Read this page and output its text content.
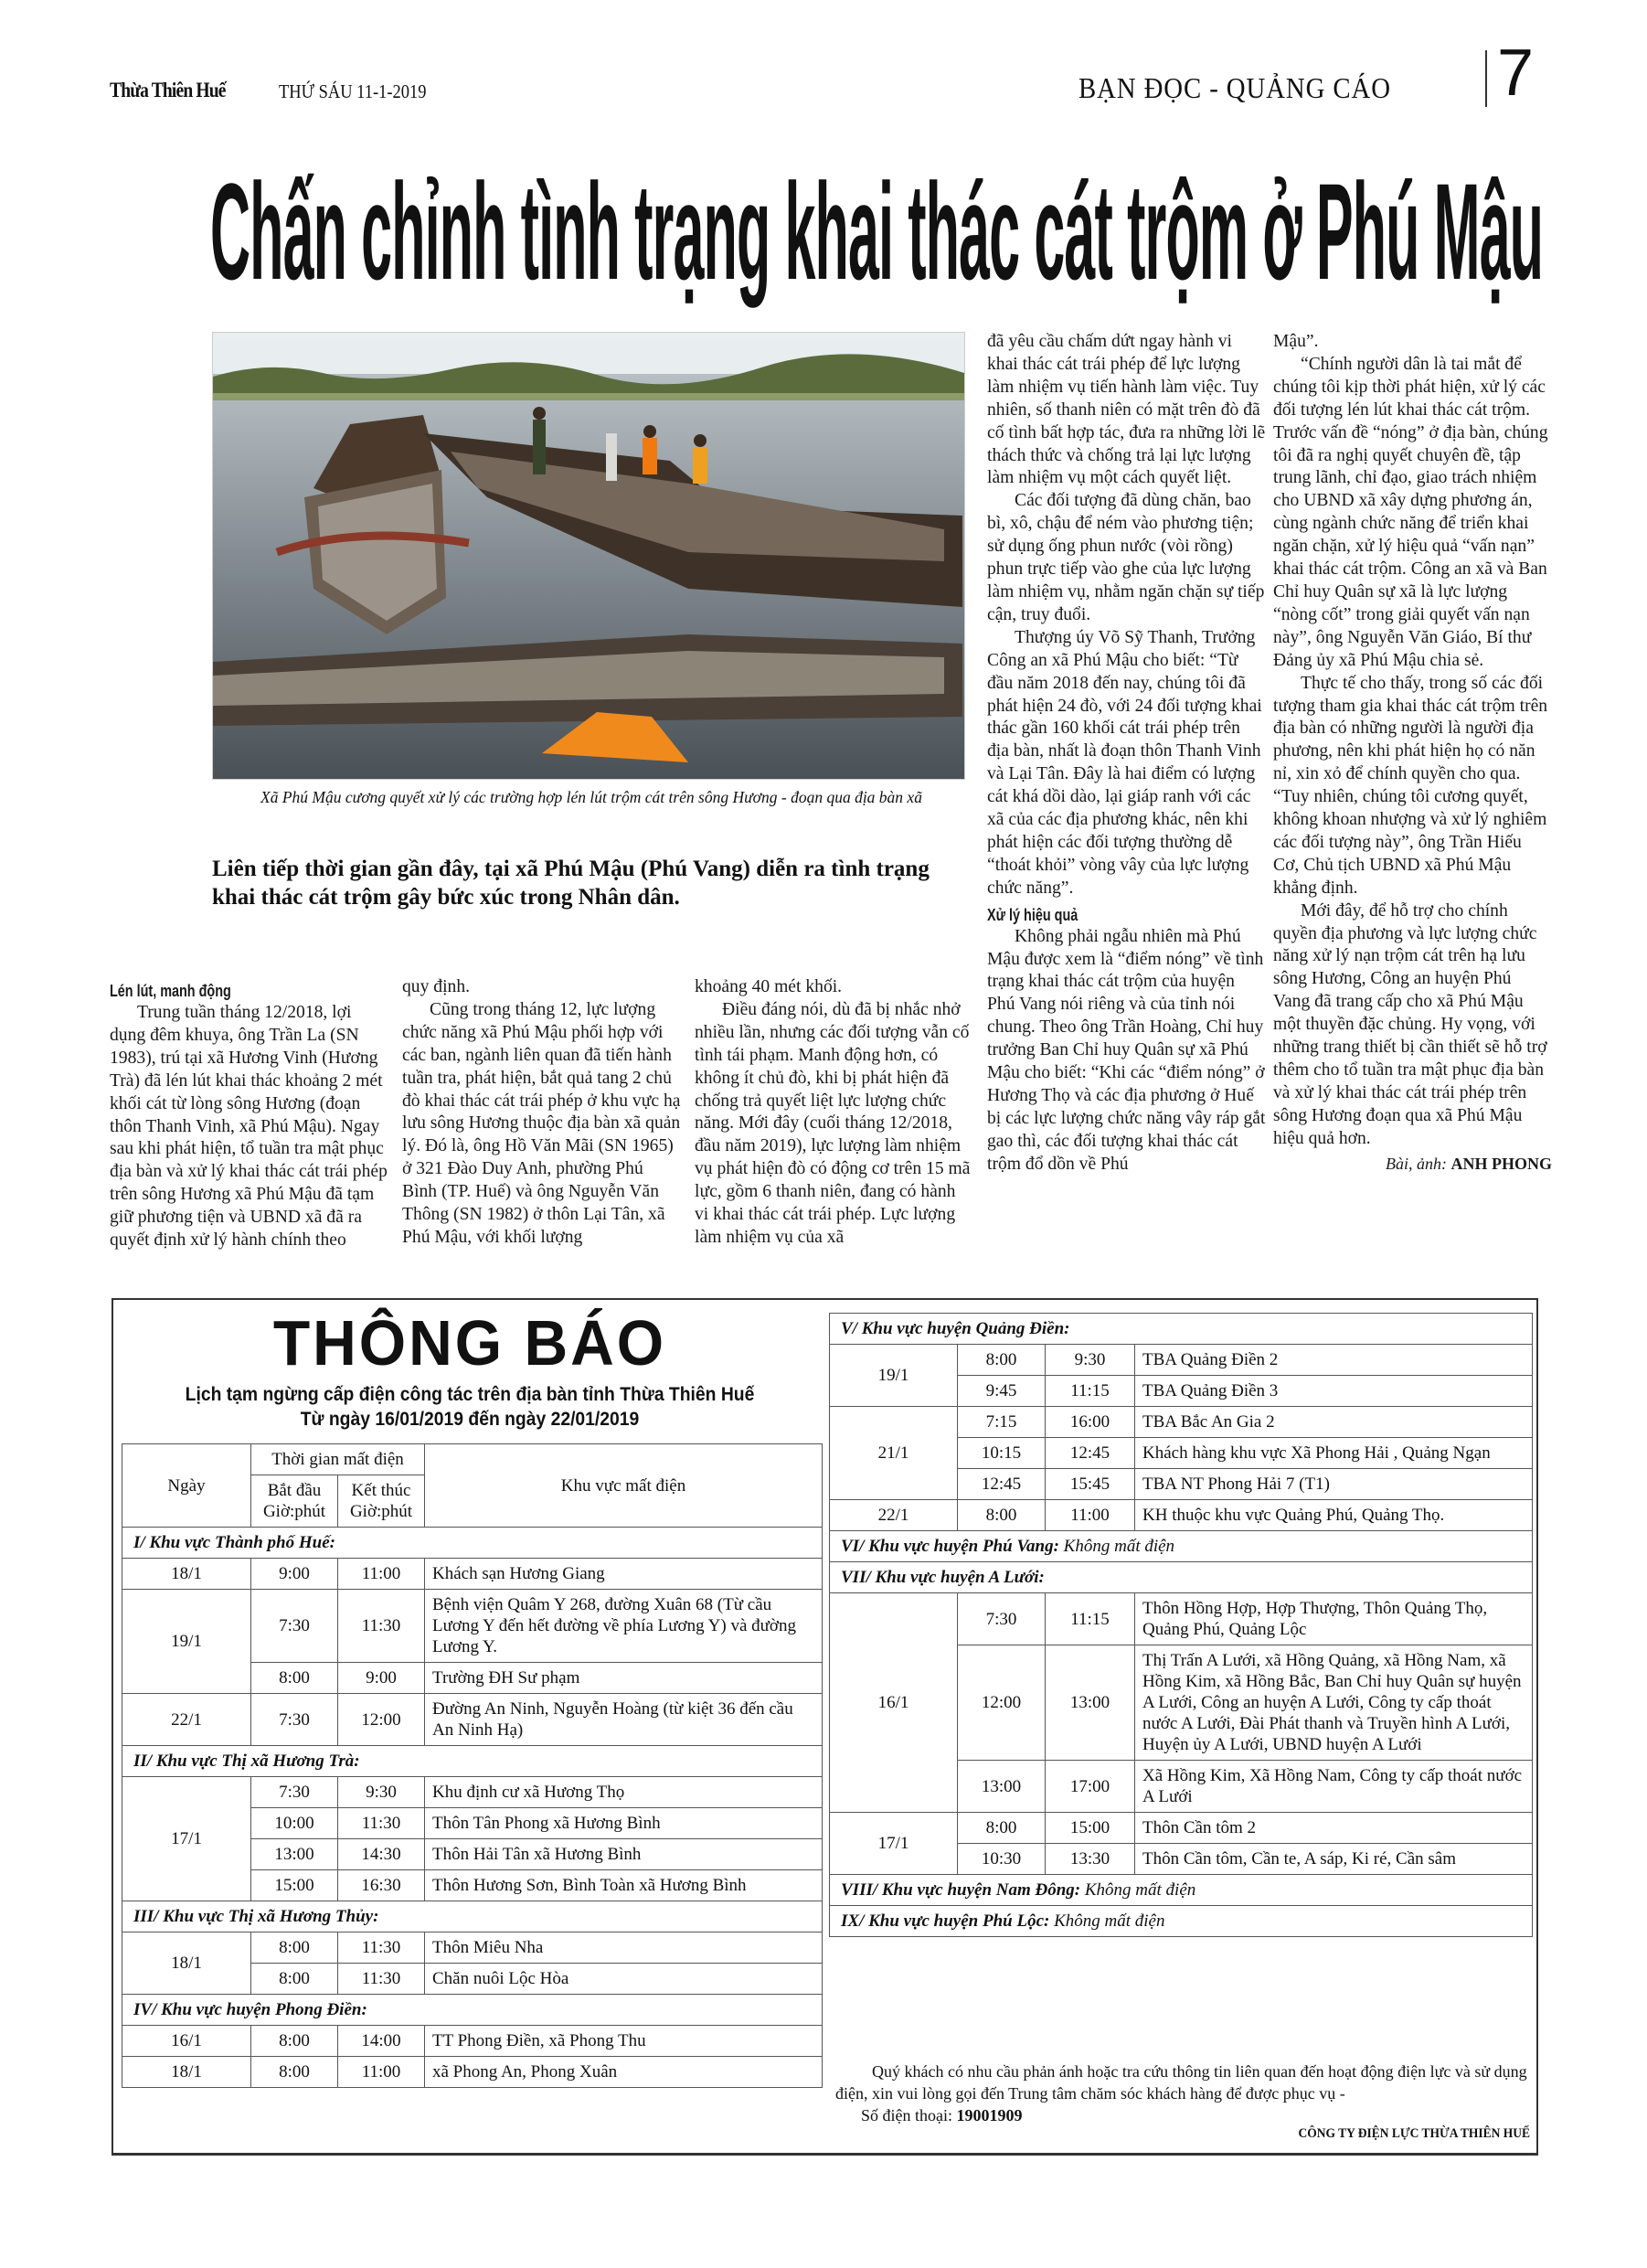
Thừa Thiên Huế	THỨ SÁU 11-1-2019	BẠN ĐỌC - QUẢNG CÁO 7
Chấn chỉnh tình trạng khai thác cát trộm ở Phú Mậu
Xã Phú Mậu cương quyết xử lý các trường hợp lén lút trộm cát trên sông Hương - đoạn qua địa bàn xã
Liên tiếp thời gian gần đây, tại xã Phú Mậu (Phú Vang) diễn ra tình trạng khai thác cát trộm gây bức xúc trong Nhân dân.
Lén lút, manh động

Trung tuần tháng 12/2018, lợi dụng đêm khuya, ông Trần La (SN 1983), trú tại xã Hương Vinh (Hương Trà) đã lén lút khai thác khoảng 2 mét khối cát từ lòng sông Hương (đoạn thôn Thanh Vinh, xã Phú Mậu). Ngay sau khi phát hiện, tổ tuần tra mật phục địa bàn và xử lý khai thác cát trái phép trên sông Hương xã Phú Mậu đã tạm giữ phương tiện và UBND xã đã ra quyết định xử lý hành chính theo

quy định.

Cũng trong tháng 12, lực lượng chức năng xã Phú Mậu phối hợp với các ban, ngành liên quan đã tiến hành tuần tra, phát hiện, bắt quả tang 2 chủ đò khai thác cát trái phép ở khu vực hạ lưu sông Hương thuộc địa bàn xã quản lý. Đó là, ông Hồ Văn Mãi (SN 1965) ở 321 Đào Duy Anh, phường Phú Bình (TP. Huế) và ông Nguyễn Văn Thông (SN 1982) ở thôn Lại Tân, xã Phú Mậu, với khối lượng

khoảng 40 mét khối.

Điều đáng nói, dù đã bị nhắc nhở nhiều lần, nhưng các đối tượng vẫn cố tình tái phạm. Manh động hơn, có không ít chủ đò, khi bị phát hiện đã chống trả quyết liệt lực lượng chức năng. Mới đây (cuối tháng 12/2018, đầu năm 2019), lực lượng làm nhiệm vụ phát hiện đò có động cơ trên 15 mã lực, gồm 6 thanh niên, đang có hành vi khai thác cát trái phép. Lực lượng làm nhiệm vụ của xã

đã yêu cầu chấm dứt ngay hành vi khai thác cát trái phép để lực lượng làm nhiệm vụ tiến hành làm việc. Tuy nhiên, số thanh niên có mặt trên đò đã cố tình bất hợp tác, đưa ra những lời lẽ thách thức và chống trả lại lực lượng làm nhiệm vụ một cách quyết liệt.

Các đối tượng đã dùng chăn, bao bì, xô, chậu để ném vào phương tiện; sử dụng ống phun nước (vòi rồng) phun trực tiếp vào ghe của lực lượng làm nhiệm vụ, nhằm ngăn chặn sự tiếp cận, truy đuổi.

Thượng úy Võ Sỹ Thanh, Trưởng Công an xã Phú Mậu cho biết: “Từ đầu năm 2018 đến nay, chúng tôi đã phát hiện 24 đò, với 24 đối tượng khai thác gần 160 khối cát trái phép trên địa bàn, nhất là đoạn thôn Thanh Vinh và Lại Tân. Đây là hai điểm có lượng cát khá dồi dào, lại giáp ranh với các xã của các địa phương khác, nên khi phát hiện các đối tượng thường dễ “thoát khỏi” vòng vây của lực lượng chức năng”.

Xử lý hiệu quả

Không phải ngẫu nhiên mà Phú Mậu được xem là “điểm nóng” về tình trạng khai thác cát trộm của huyện Phú Vang nói riêng và của tỉnh nói chung. Theo ông Trần Hoàng, Chỉ huy trưởng Ban Chỉ huy Quân sự xã Phú Mậu cho biết: “Khi các “điểm nóng” ở Hương Thọ và các địa phương ở Huế bị các lực lượng chức năng vây ráp gắt gao thì, các đối tượng khai thác cát trộm đổ dồn về Phú

Mậu”.

“Chính người dân là tai mắt để chúng tôi kịp thời phát hiện, xử lý các đối tượng lén lút khai thác cát trộm. Trước vấn đề “nóng” ở địa bàn, chúng tôi đã ra nghị quyết chuyên đề, tập trung lãnh, chỉ đạo, giao trách nhiệm cho UBND xã xây dựng phương án, cùng ngành chức năng để triển khai ngăn chặn, xử lý hiệu quả “vấn nạn” khai thác cát trộm. Công an xã và Ban Chỉ huy Quân sự xã là lực lượng “nòng cốt” trong giải quyết vấn nạn này”, ông Nguyễn Văn Giáo, Bí thư Đảng ủy xã Phú Mậu chia sẻ.

Thực tế cho thấy, trong số các đối tượng tham gia khai thác cát trộm trên địa bàn có những người là người địa phương, nên khi phát hiện họ có năn nỉ, xin xỏ để chính quyền cho qua. “Tuy nhiên, chúng tôi cương quyết, không khoan nhượng và xử lý nghiêm các đối tượng này”, ông Trần Hiếu Cơ, Chủ tịch UBND xã Phú Mậu khẳng định.

Mới đây, để hỗ trợ cho chính quyền địa phương và lực lượng chức năng xử lý nạn trộm cát trên hạ lưu sông Hương, Công an huyện Phú Vang đã trang cấp cho xã Phú Mậu một thuyền đặc chủng. Hy vọng, với những trang thiết bị cần thiết sẽ hỗ trợ thêm cho tổ tuần tra mật phục địa bàn và xử lý khai thác cát trái phép trên sông Hương đoạn qua xã Phú Mậu hiệu quả hơn.

Bài, ảnh: ANH PHONG
THÔNG BÁO
Lịch tạm ngừng cấp điện công tác trên địa bàn tỉnh Thừa Thiên Huế
Từ ngày 16/01/2019 đến ngày 22/01/2019
Ngày	Thời gian mất điện		Khu vực mất điện
	Bắt đầu Giờ:phút	Kết thúc Giờ:phút	
I/ Khu vực Thành phố Huế:			
18/1	9:00	11:00	Khách sạn Hương Giang
19/1	7:30	11:30	Bệnh viện Quâm Y 268, đường Xuân 68 (Từ cầu Lương Y đến hết đường về phía Lương Y) và đường Lương Y.
	8:00	9:00	Trường ĐH Sư phạm
22/1	7:30	12:00	Đường An Ninh, Nguyễn Hoàng (từ kiệt 36 đến cầu An Ninh Hạ)
II/ Khu vực Thị xã Hương Trà:			
17/1	7:30	9:30	Khu định cư xã Hương Thọ
	10:00	11:30	Thôn Tân Phong xã Hương Bình
	13:00	14:30	Thôn Hải Tân xã Hương Bình
	15:00	16:30	Thôn Hương Sơn, Bình Toàn xã Hương Bình
III/ Khu vực Thị xã Hương Thủy:			
18/1	8:00	11:30	Thôn Miêu Nha
	8:00	11:30	Chăn nuôi Lộc Hòa
IV/ Khu vực huyện Phong Điền:			
16/1	8:00	14:00	TT Phong Điền, xã Phong Thu
18/1	8:00	11:00	xã Phong An, Phong Xuân
V/ Khu vực huyện Quảng Điền:			
19/1	8:00	9:30	TBA Quảng Điền 2
	9:45	11:15	TBA Quảng Điền 3
21/1	7:15	16:00	TBA Bắc An Gia 2
	10:15	12:45	Khách hàng khu vực Xã Phong Hải , Quảng Ngạn
	12:45	15:45	TBA NT Phong Hải 7 (T1)
22/1	8:00	11:00	KH thuộc khu vực Quảng Phú, Quảng Thọ.
VI/ Khu vực huyện Phú Vang: Không mất điện			
VII/ Khu vực huyện A Lưới:			
16/1	7:30	11:15	Thôn Hồng Hợp, Hợp Thượng, Thôn Quảng Thọ, Quảng Phú, Quảng Lộc
	12:00	13:00	Thị Trấn A Lưới, xã Hồng Quảng, xã Hồng Nam, xã Hồng Kim, xã Hồng Bắc, Ban Chỉ huy Quân sự huyện A Lưới, Công an huyện A Lưới, Công ty cấp thoát nước A Lưới, Đài Phát thanh và Truyền hình A Lưới, Huyện ủy A Lưới, UBND huyện A Lưới
	13:00	17:00	Xã Hồng Kim, Xã Hồng Nam, Công ty cấp thoát nước A Lưới
17/1	8:00	15:00	Thôn Cần tôm 2
	10:30	13:30	Thôn Cần tôm, Cần te, A sáp, Ki ré, Cần sâm
VIII/ Khu vực huyện Nam Đông: Không mất điện			
IX/ Khu vực huyện Phú Lộc: Không mất điện			

Quý khách có nhu cầu phản ánh hoặc tra cứu thông tin liên quan đến hoạt động điện lực và sử dụng điện, xin vui lòng gọi đến Trung tâm chăm sóc khách hàng để được phục vụ -

Số điện thoại: 19001909

CÔNG TY ĐIỆN LỰC THỪA THIÊN HUẾ
